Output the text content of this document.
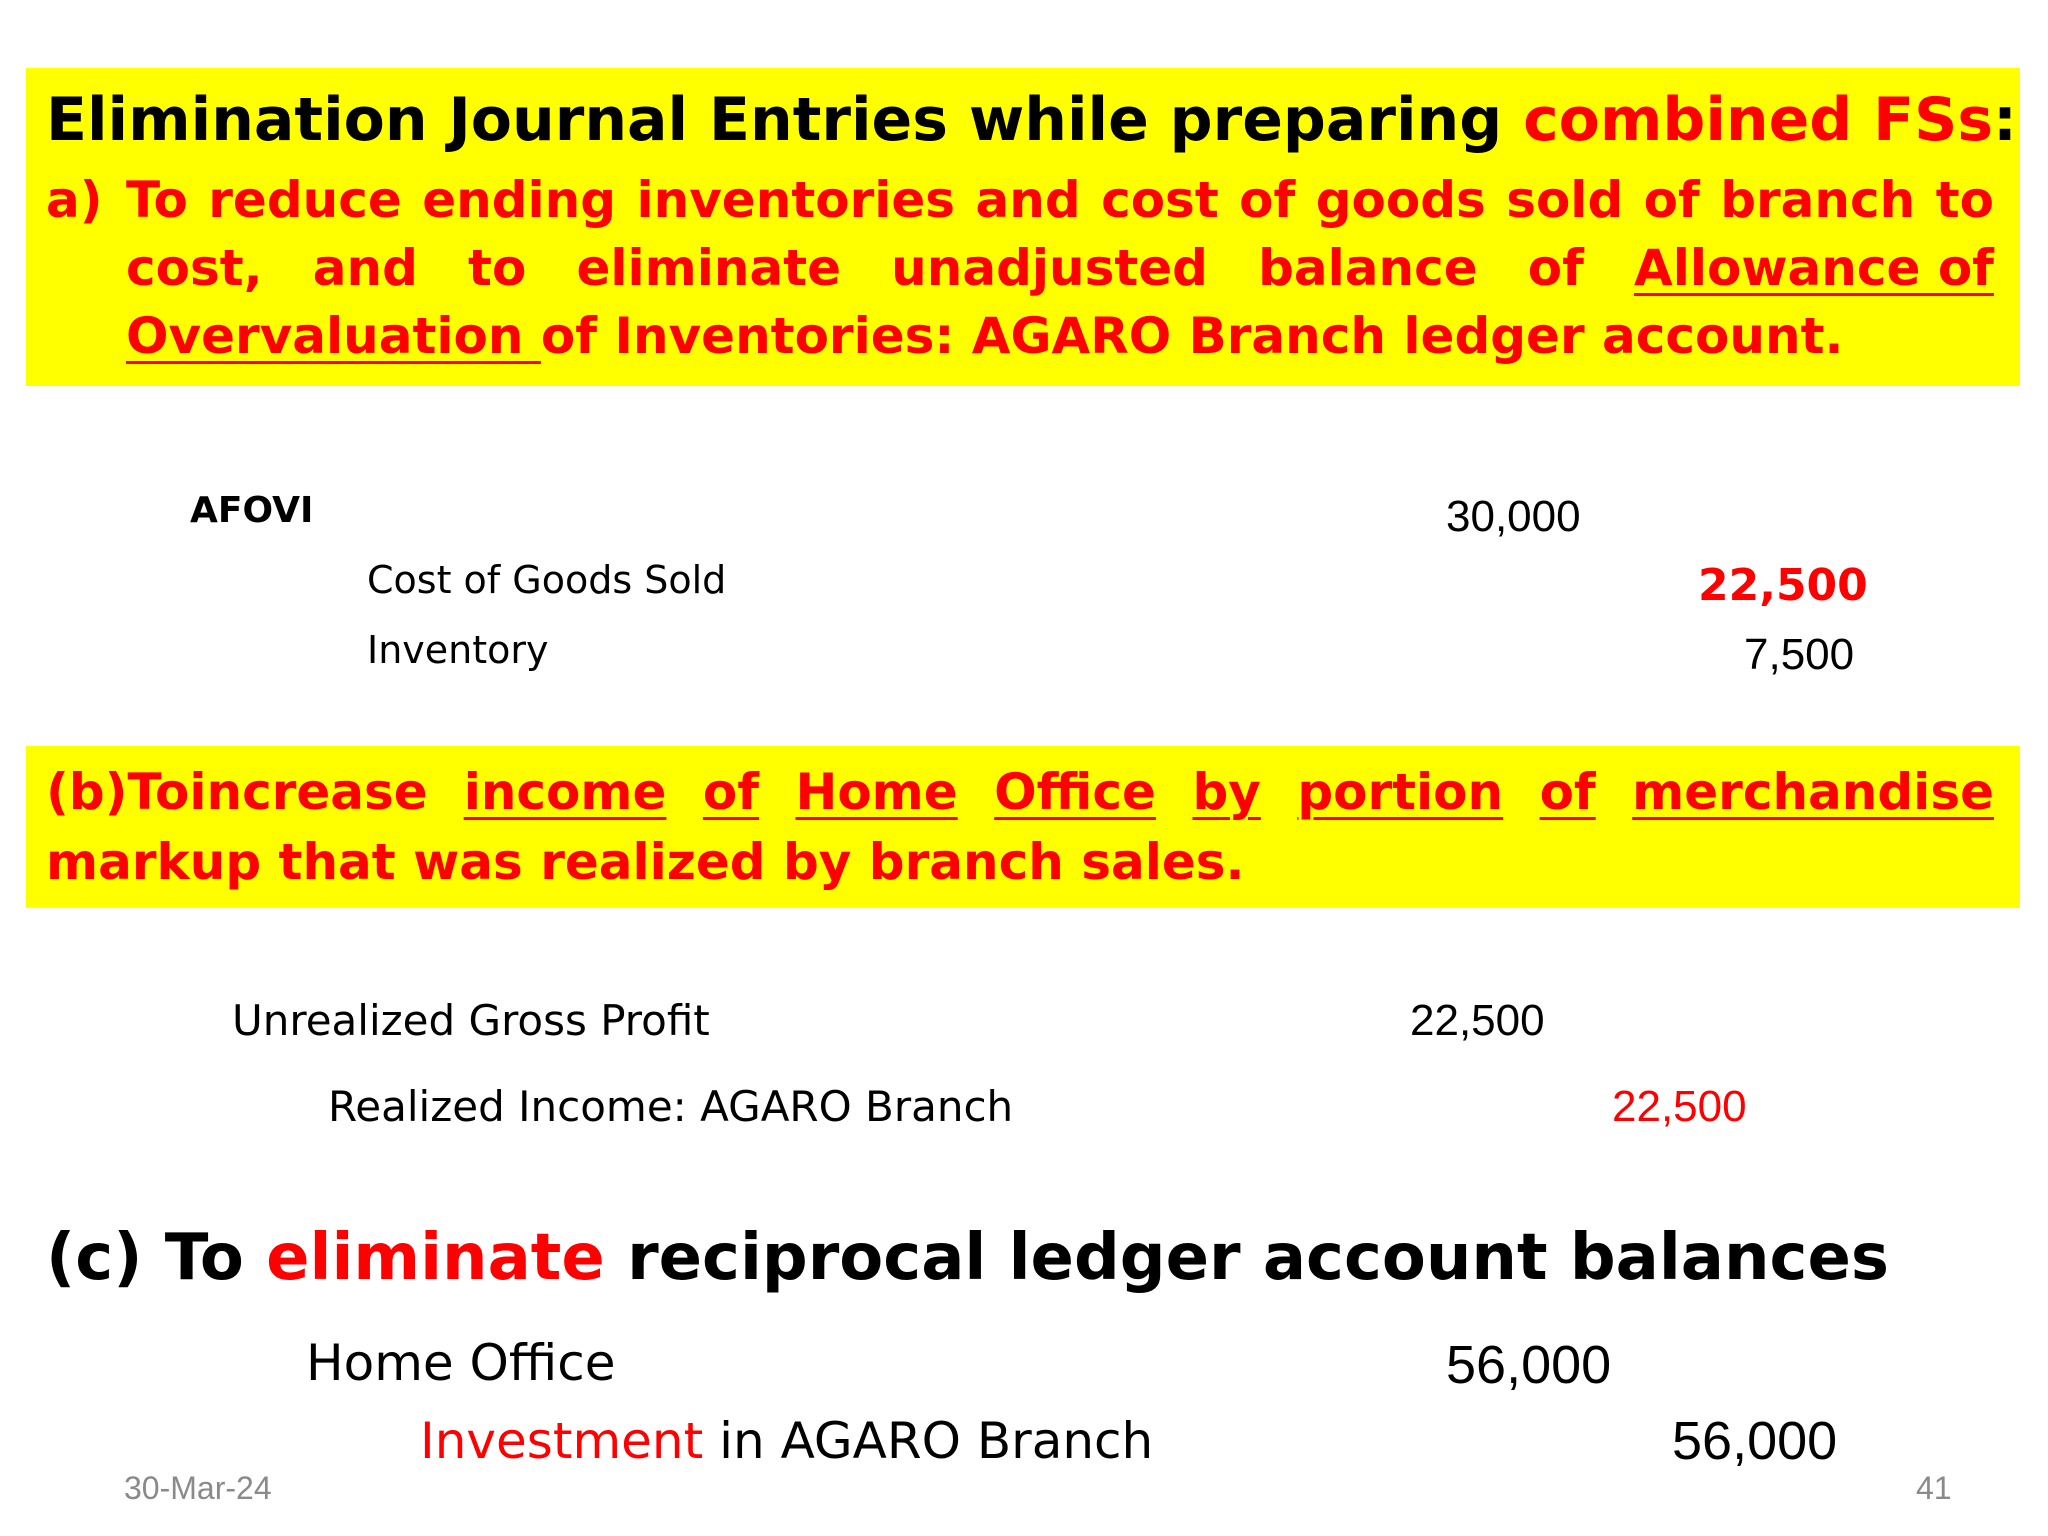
Elimination Journal Entries while preparing combined FSs:
a) To reduce ending inventories and cost of goods sold of branch to
cost, and to eliminate unadjusted balance of Allowance of
Overvaluation of Inventories: AGARO Branch ledger account.
AFOVI	30,000
Cost of Goods Sold	22,500
Inventory	7,500
(b) To increase income of Home Office by portion of merchandise
markup that was realized by branch sales.
Unrealized Gross Profit	22,500
Realized Income: AGARO Branch	22,500
(c) To eliminate reciprocal ledger account balances
Home Office	56,000
Investment in AGARO Branch	56,000
30-Mar-24	41
